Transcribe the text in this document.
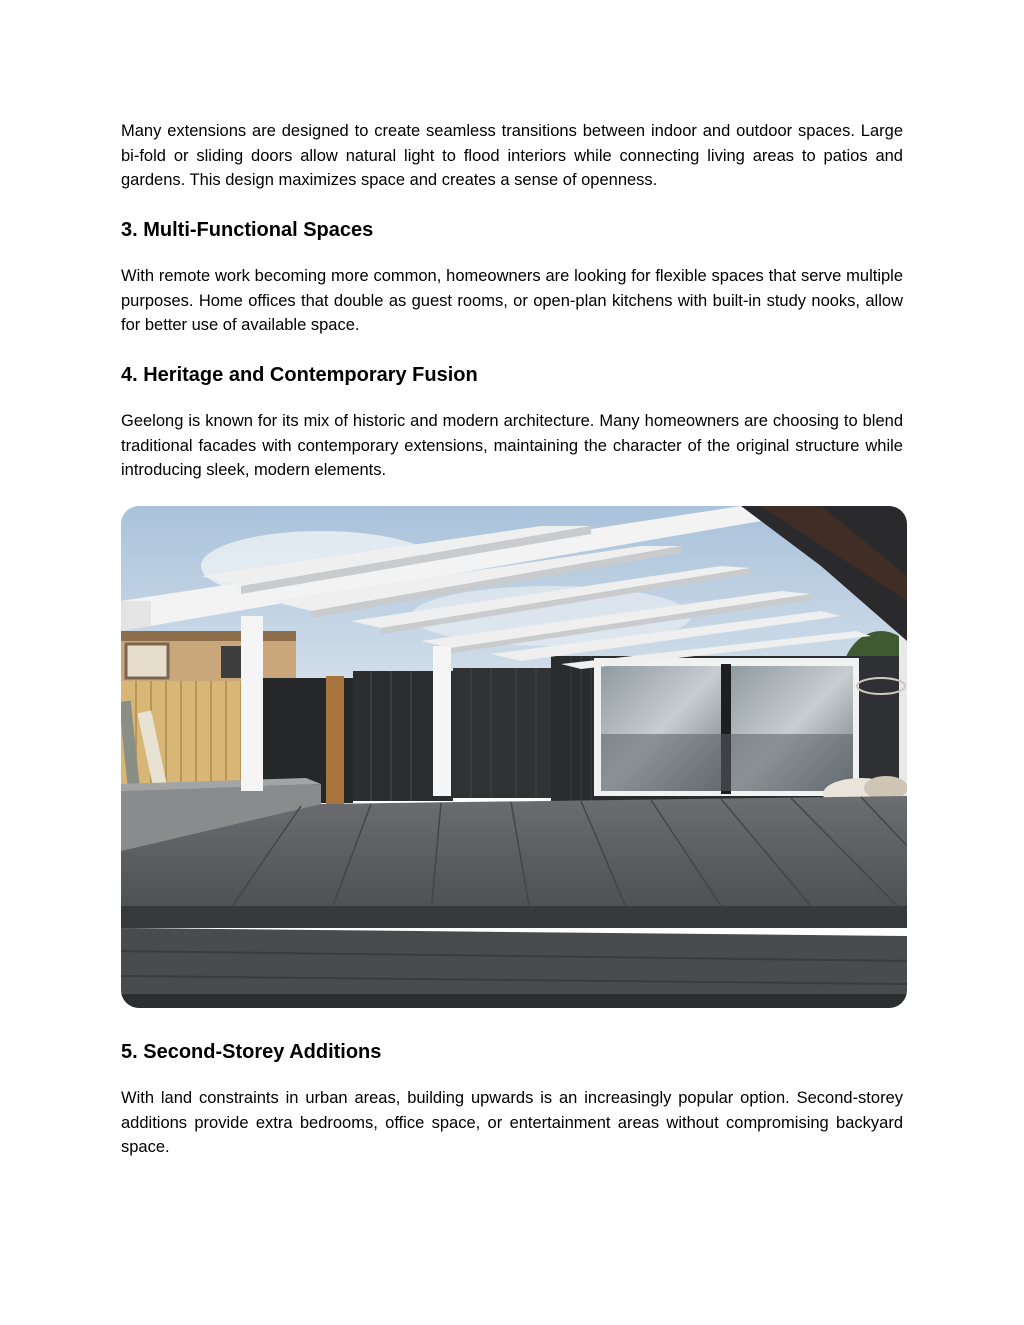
Many extensions are designed to create seamless transitions between indoor and outdoor spaces. Large bi-fold or sliding doors allow natural light to flood interiors while connecting living areas to patios and gardens. This design maximizes space and creates a sense of openness.

3. Multi-Functional Spaces

With remote work becoming more common, homeowners are looking for flexible spaces that serve multiple purposes. Home offices that double as guest rooms, or open-plan kitchens with built-in study nooks, allow for better use of available space.

4. Heritage and Contemporary Fusion

Geelong is known for its mix of historic and modern architecture. Many homeowners are choosing to blend traditional facades with contemporary extensions, maintaining the character of the original structure while introducing sleek, modern elements.

5. Second-Storey Additions

With land constraints in urban areas, building upwards is an increasingly popular option. Second-storey additions provide extra bedrooms, office space, or entertainment areas without compromising backyard space.
